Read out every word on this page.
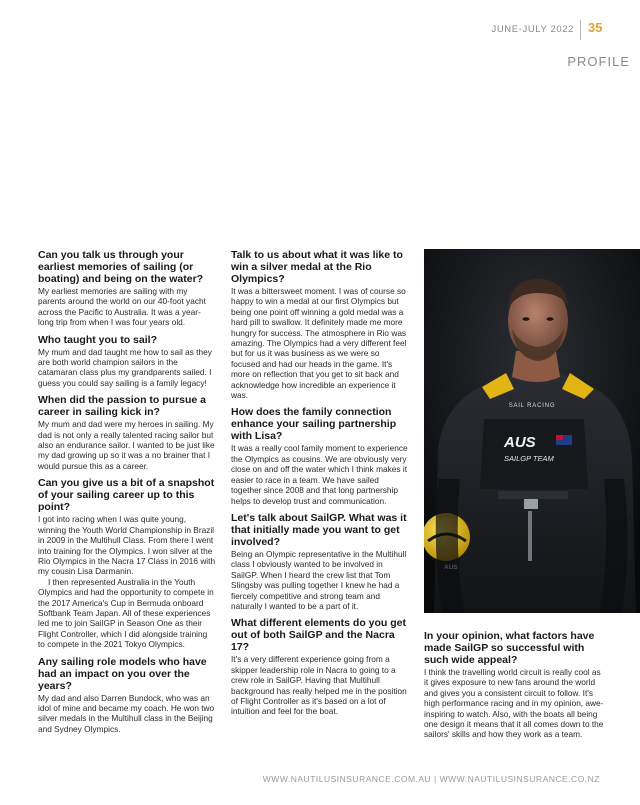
JUNE-JULY 2022 35
PROFILE
Can you talk us through your earliest memories of sailing (or boating) and being on the water?

My earliest memories are sailing with my parents around the world on our 40-foot yacht across the Pacific to Australia. It was a year-long trip from when I was four years old.

Who taught you to sail?

My mum and dad taught me how to sail as they are both world champion sailors in the catamaran class plus my grandparents sailed. I guess you could say sailing is a family legacy!

When did the passion to pursue a career in sailing kick in?

My mum and dad were my heroes in sailing. My dad is not only a really talented racing sailor but also an endurance sailor. I wanted to be just like my dad growing up so it was a no brainer that I would pursue this as a career.

Can you give us a bit of a snapshot of your sailing career up to this point?

I got into racing when I was quite young, winning the Youth World Championship in Brazil in 2009 in the Multihull Class. From there I went into training for the Olympics. I won silver at the Rio Olympics in the Nacra 17 Class in 2016 with my cousin Lisa Darmanin.

I then represented Australia in the Youth Olympics and had the opportunity to compete in the 2017 America's Cup in Bermuda onboard Softbank Team Japan. All of these experiences led me to join SailGP in Season One as their Flight Controller, which I did alongside training to compete in the 2021 Tokyo Olympics.

Any sailing role models who have had an impact on you over the years?

My dad and also Darren Bundock, who was an idol of mine and became my coach. He won two silver medals in the Multihull class in the Beijing and Sydney Olympics.

Talk to us about what it was like to win a silver medal at the Rio Olympics?

It was a bittersweet moment. I was of course so happy to win a medal at our first Olympics but being one point off winning a gold medal was a hard pill to swallow. It definitely made me more hungry for success. The atmosphere in Rio was amazing. The Olympics had a very different feel but for us it was business as we were so focused and had our heads in the game. It's more on reflection that you get to sit back and acknowledge how incredible an experience it was.

How does the family connection enhance your sailing partnership with Lisa?

It was a really cool family moment to experience the Olympics as cousins. We are obviously very close on and off the water which I think makes it easier to race in a team. We have sailed together since 2008 and that long partnership helps to develop trust and communication.

Let's talk about SailGP. What was it that initially made you want to get involved?

Being an Olympic representative in the Multihull class I obviously wanted to be involved in SailGP. When I heard the crew list that Tom Slingsby was pulling together I knew he had a fiercely competitive and strong team and naturally I wanted to be a part of it.

What different elements do you get out of both SailGP and the Nacra 17?

It's a very different experience going from a skipper leadership role in Nacra to going to a crew role in SailGP. Having that Multihull background has really helped me in the position of Flight Controller as it's based on a lot of intuition and feel for the boat.

SAIL RACING
AUS
SAILGP TEAM
In your opinion, what factors have made SailGP so successful with such wide appeal?

I think the travelling world circuit is really cool as it gives exposure to new fans around the world and gives you a consistent circuit to follow. It's high performance racing and in my opinion, awe-inspiring to watch. Also, with the boats all being one design it means that it all comes down to the sailors' skills and how they work as a team.

WWW.NAUTILUSINSURANCE.COM.AU | WWW.NAUTILUSINSURANCE.CO.NZ
